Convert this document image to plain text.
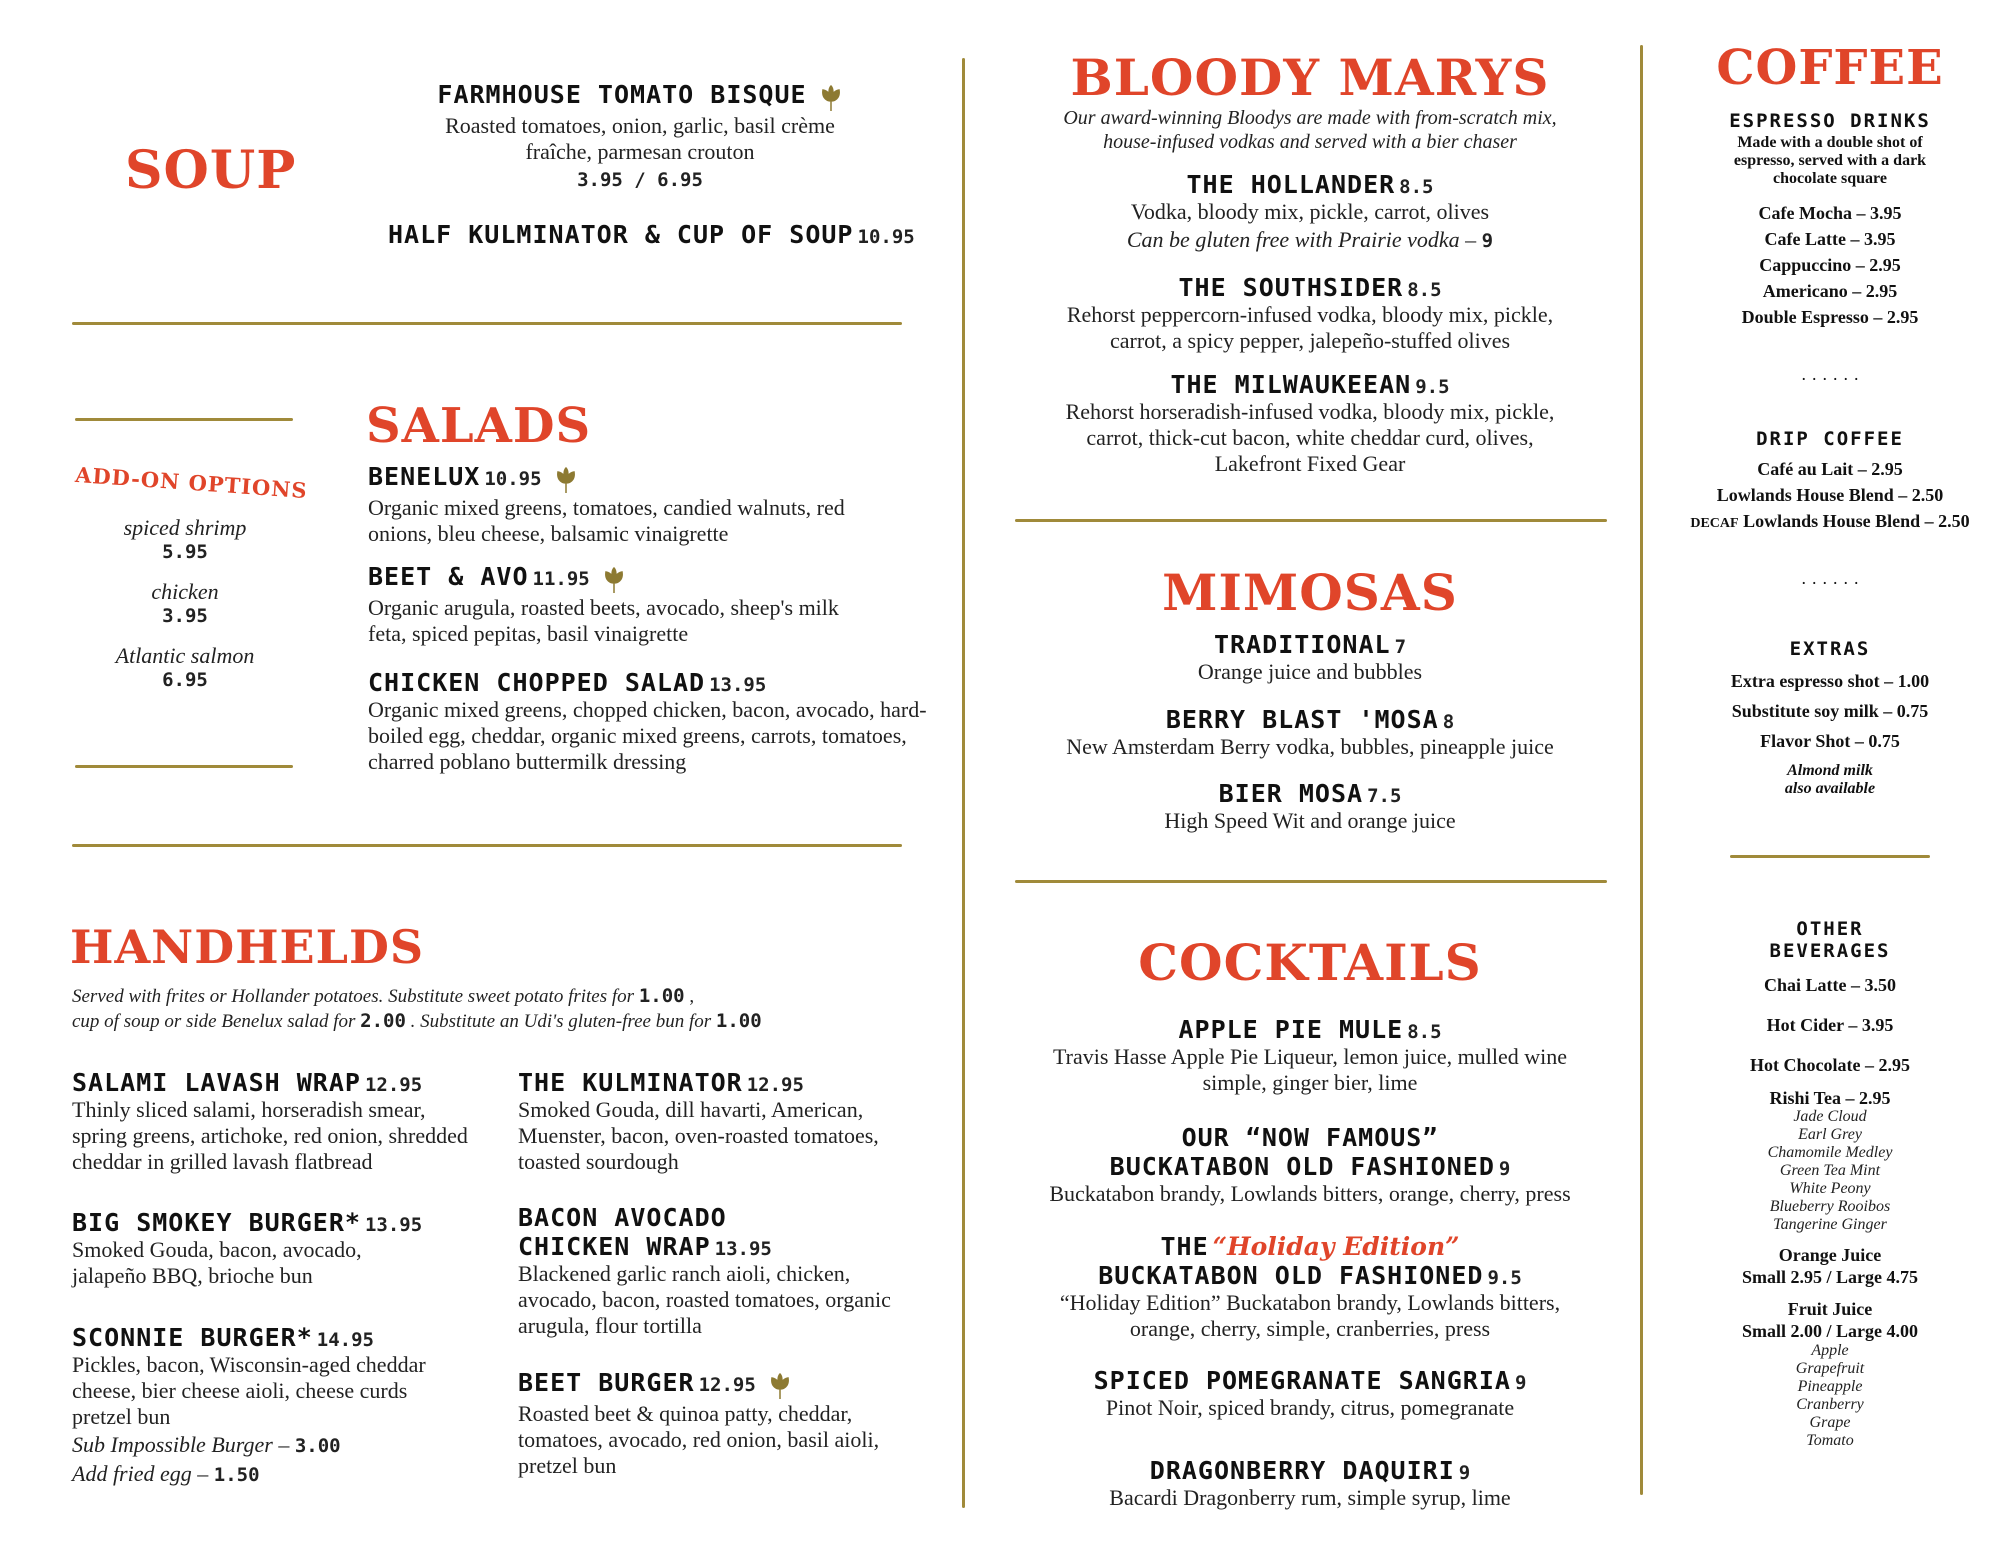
SOUP
FARMHOUSE TOMATO BISQUE
Roasted tomatoes, onion, garlic, basil crème fraîche, parmesan crouton
3.95 / 6.95
HALF KULMINATOR & CUP OF SOUP 10.95
ADD-ON OPTIONS
spiced shrimp
5.95
chicken
3.95
Atlantic salmon
6.95
SALADS
BENELUX 10.95
Organic mixed greens, tomatoes, candied walnuts, red onions, bleu cheese, balsamic vinaigrette
BEET & AVO 11.95
Organic arugula, roasted beets, avocado, sheep's milk feta, spiced pepitas, basil vinaigrette
CHICKEN CHOPPED SALAD 13.95
Organic mixed greens, chopped chicken, bacon, avocado, hard-boiled egg, cheddar, organic mixed greens, carrots, tomatoes, charred poblano buttermilk dressing
HANDHELDS
Served with frites or Hollander potatoes. Substitute sweet potato frites for 1.00 ,
cup of soup or side Benelux salad for 2.00 . Substitute an Udi's gluten-free bun for 1.00
SALAMI LAVASH WRAP 12.95
Thinly sliced salami, horseradish smear, spring greens, artichoke, red onion, shredded cheddar in grilled lavash flatbread
BIG SMOKEY BURGER* 13.95
Smoked Gouda, bacon, avocado, jalapeño BBQ, brioche bun
SCONNIE BURGER* 14.95
Pickles, bacon, Wisconsin-aged cheddar cheese, bier cheese aioli, cheese curds pretzel bun
Sub Impossible Burger – 3.00
Add fried egg – 1.50
THE KULMINATOR 12.95
Smoked Gouda, dill havarti, American, Muenster, bacon, oven-roasted tomatoes, toasted sourdough
BACON AVOCADO
CHICKEN WRAP 13.95
Blackened garlic ranch aioli, chicken, avocado, bacon, roasted tomatoes, organic arugula, flour tortilla
BEET BURGER 12.95
Roasted beet & quinoa patty, cheddar, tomatoes, avocado, red onion, basil aioli, pretzel bun
BLOODY MARYS
Our award-winning Bloodys are made with from-scratch mix, house-infused vodkas and served with a bier chaser
THE HOLLANDER 8.5
Vodka, bloody mix, pickle, carrot, olives
Can be gluten free with Prairie vodka – 9
THE SOUTHSIDER 8.5
Rehorst peppercorn-infused vodka, bloody mix, pickle, carrot, a spicy pepper, jalepeño-stuffed olives
THE MILWAUKEEAN 9.5
Rehorst horseradish-infused vodka, bloody mix, pickle, carrot, thick-cut bacon, white cheddar curd, olives, Lakefront Fixed Gear
MIMOSAS
TRADITIONAL 7
Orange juice and bubbles
BERRY BLAST 'MOSA 8
New Amsterdam Berry vodka, bubbles, pineapple juice
BIER MOSA 7.5
High Speed Wit and orange juice
COCKTAILS
APPLE PIE MULE 8.5
Travis Hasse Apple Pie Liqueur, lemon juice, mulled wine simple, ginger bier, lime
OUR “NOW FAMOUS”
BUCKATABON OLD FASHIONED 9
Buckatabon brandy, Lowlands bitters, orange, cherry, press
THE “Holiday Edition”
BUCKATABON OLD FASHIONED 9.5
“Holiday Edition” Buckatabon brandy, Lowlands bitters, orange, cherry, simple, cranberries, press
SPICED POMEGRANATE SANGRIA 9
Pinot Noir, spiced brandy, citrus, pomegranate
DRAGONBERRY DAQUIRI 9
Bacardi Dragonberry rum, simple syrup, lime
COFFEE
ESPRESSO DRINKS
Made with a double shot of espresso, served with a dark chocolate square
Cafe Mocha – 3.95
Cafe Latte – 3.95
Cappuccino – 2.95
Americano – 2.95
Double Espresso – 2.95
· · · · · ·
DRIP COFFEE
Café au Lait – 2.95
Lowlands House Blend – 2.50
DECAF Lowlands House Blend – 2.50
· · · · · ·
EXTRAS
Extra espresso shot – 1.00
Substitute soy milk – 0.75
Flavor Shot – 0.75
Almond milk also available
OTHER
BEVERAGES
Chai Latte – 3.50
Hot Cider – 3.95
Hot Chocolate – 2.95
Rishi Tea – 2.95
Jade Cloud
Earl Grey
Chamomile Medley
Green Tea Mint
White Peony
Blueberry Rooibos
Tangerine Ginger
Orange Juice
Small 2.95 / Large 4.75
Fruit Juice
Small 2.00 / Large 4.00
Apple
Grapefruit
Pineapple
Cranberry
Grape
Tomato
